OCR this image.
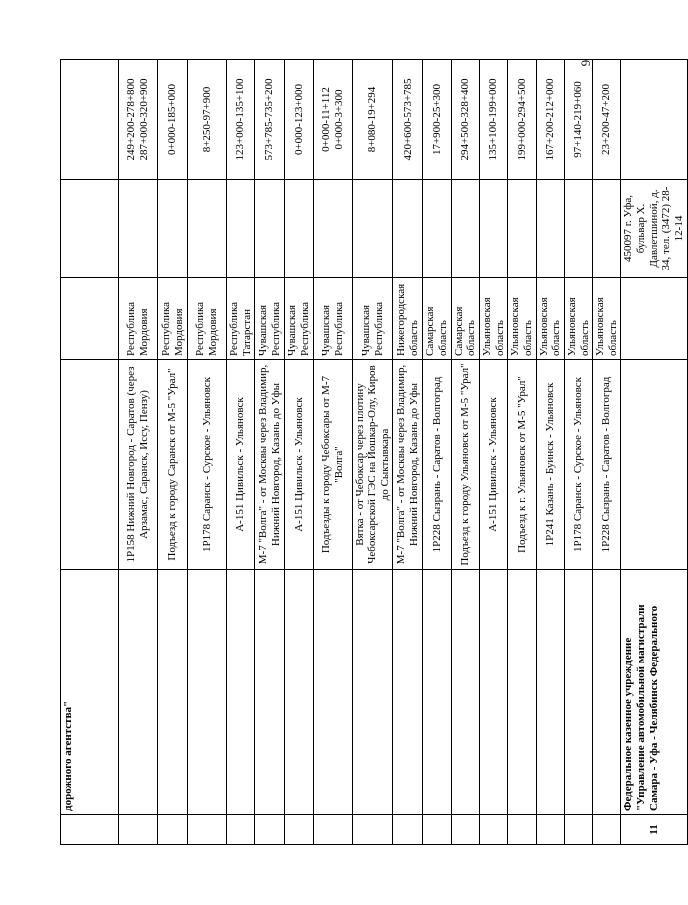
6
	дорожного агентства"				
		1Р158 Нижний Новгород - Саратов (через Арзамас, Саранск, Исcу, Пензу)	Республика Мордовия		249+200-278+800
287+000-320+900
		Подъезд к городу Саранск от М-5 "Урал"	Республика Мордовия		0+000-185+000
		1Р178 Саранск - Сурское - Ульяновск	Республика Мордовия		8+250-97+900
		А-151 Цивильск - Ульяновск	Республика Татарстан		123+000-135+100
		М-7 "Волга" - от Москвы через Владимир, Нижний Новгород, Казань до Уфы	Чувашская Республика		573+785-735+200
		А-151 Цивильск - Ульяновск	Чувашская Республика		0+000-123+000
		Подъезды к городу Чебоксары от М-7 "Волга"	Чувашская Республика		0+000-11+112
0+000-3+300
		Вятка - от Чебоксар через плотину Чебоксарской ГЭС на Йошкар-Олу, Киров до Сыктывкара	Чувашская Республика		8+080-19+294
		М-7 "Волга" - от Москвы через Владимир, Нижний Новгород, Казань до Уфы	Нижегородская область		420+600-573+785
		1Р228 Сызрань - Саратов - Волгоград	Самарская область		17+900-25+300
		Подъезд к городу Ульяновск от М-5 "Урал"	Самарская область		294+500-328+400
		А-151 Цивильск - Ульяновск	Ульяновская область		135+100-199+000
		Подъезд к г. Ульяновск от М-5 "Урал"	Ульяновская область		199+000-294+500
		1Р241 Казань - Буинск - Ульяновск	Ульяновская область		167+200-212+000
		1Р178 Саранск - Сурское - Ульяновск	Ульяновская область		97+140-219+060
		1Р228 Сызрань - Саратов - Волгоград	Ульяновская область		23+200-47+200
11	Федеральное казенное учреждение "Управление автомобильной магистрали Самара - Уфа - Челябинск Федерального			450097 г. Уфа, бульвар Х. Давлетшиной, д. 34, тел. (3472) 28-12-14	
